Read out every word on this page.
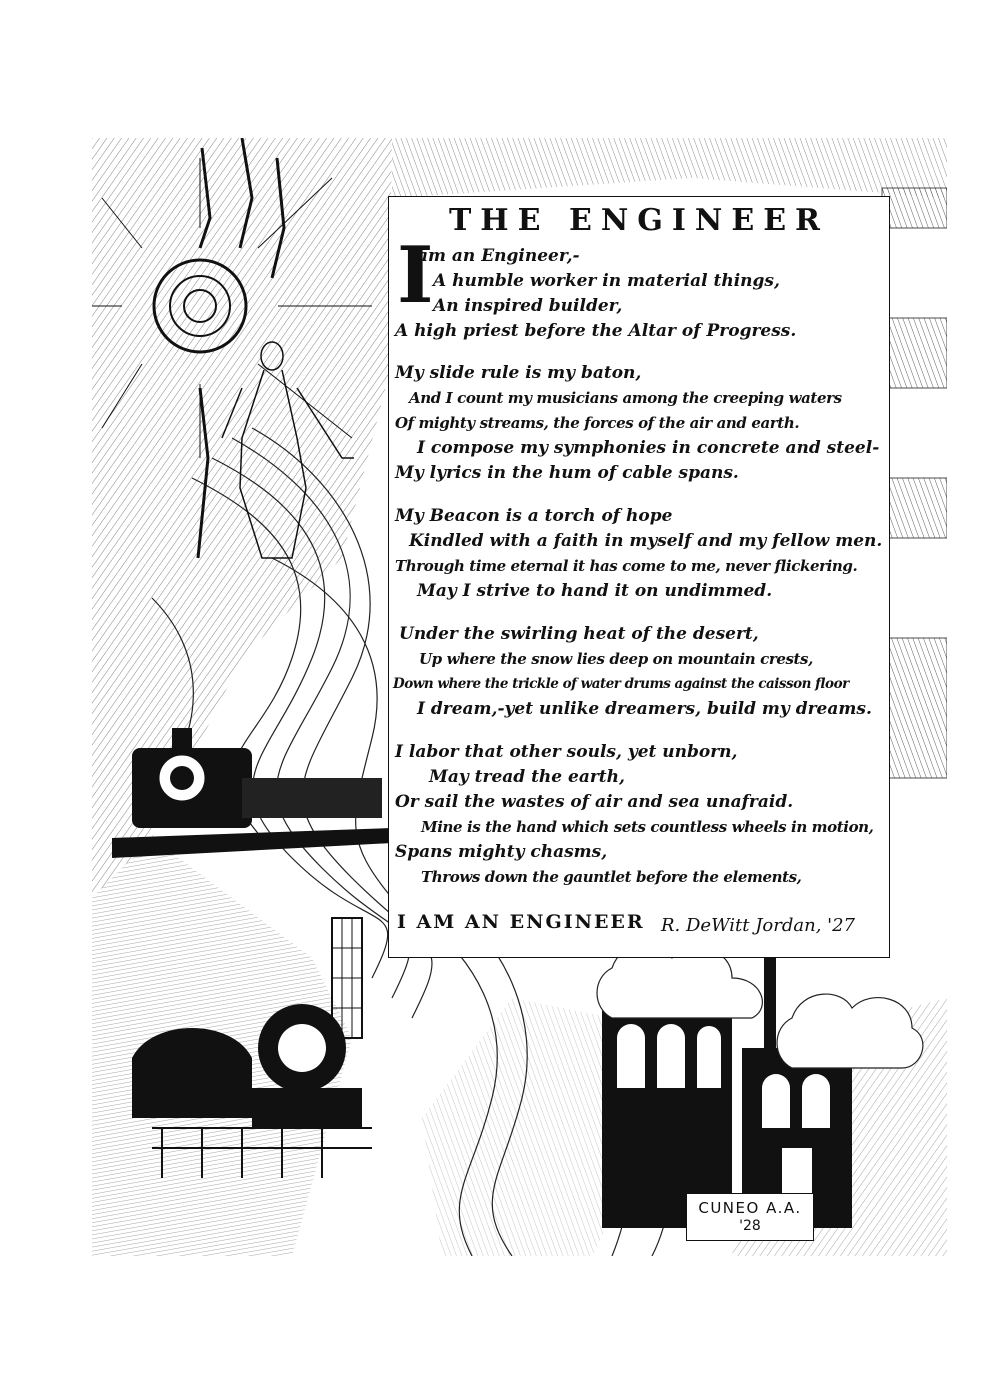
THE ENGINEER
I
am an Engineer,-
A humble worker in material things,
An inspired builder,
A high priest before the Altar of Progress.
My slide rule is my baton,
And I count my musicians among the creeping waters
Of mighty streams, the forces of the air and earth.
I compose my symphonies in concrete and steel-
My lyrics in the hum of cable spans.
My Beacon is a torch of hope
Kindled with a faith in myself and my fellow men.
Through time eternal it has come to me, never flickering.
May I strive to hand it on undimmed.
Under the swirling heat of the desert,
Up where the snow lies deep on mountain crests,
Down where the trickle of water drums against the caisson floor
I dream,-yet unlike dreamers, build my dreams.
I labor that other souls, yet unborn,
May tread the earth,
Or sail the wastes of air and sea unafraid.
Mine is the hand which sets countless wheels in motion,
Spans mighty chasms,
Throws down the gauntlet before the elements,
I AM AN ENGINEER R. DeWitt Jordan, '27
CUNEO A.A.
'28
